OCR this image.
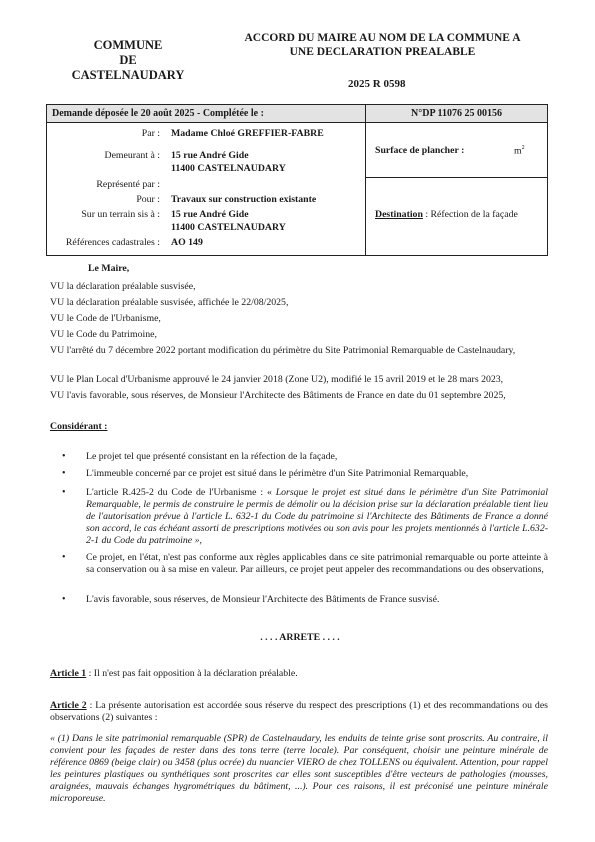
COMMUNE
DE
CASTELNAUDARY
ACCORD DU MAIRE AU NOM DE LA COMMUNE A
UNE DECLARATION PREALABLE
2025 R 0598
Demande déposée le 20 août 2025 - Complétée le :	N°DP 11076 25 00156
Par : Madame Chloé GREFFIER-FABRE
Demeurant à : 15 rue André Gide
11400 CASTELNAUDARY
Représenté par :
Pour : Travaux sur construction existante
Sur un terrain sis à : 15 rue André Gide
11400 CASTELNAUDARY
Références cadastrales : AO 149
Surface de plancher :	$m^2$
Destination : Réfection de la façade
Le Maire,
VU la déclaration préalable susvisée,
VU la déclaration préalable susvisée, affichée le 22/08/2025,
VU le Code de l'Urbanisme,
VU le Code du Patrimoine,
VU l'arrêté du 7 décembre 2022 portant modification du périmètre du Site Patrimonial Remarquable de Castelnaudary,
VU le Plan Local d'Urbanisme approuvé le 24 janvier 2018 (Zone U2), modifié le 15 avril 2019 et le 28 mars 2023,
VU l'avis favorable, sous réserves, de Monsieur l'Architecte des Bâtiments de France en date du 01 septembre 2025,
Considérant :
•	Le projet tel que présenté consistant en la réfection de la façade,
•	L'immeuble concerné par ce projet est situé dans le périmètre d'un Site Patrimonial Remarquable,
•	L'article R.425-2 du Code de l'Urbanisme : « Lorsque le projet est situé dans le périmètre d'un Site Patrimonial Remarquable, le permis de construire le permis de démolir ou la décision prise sur la déclaration préalable tient lieu de l'autorisation prévue à l'article L. 632-1 du Code du patrimoine si l'Architecte des Bâtiments de France a donné son accord, le cas échéant assorti de prescriptions motivées ou son avis pour les projets mentionnés à l'article L.632-2-1 du Code du patrimoine »,
•	Ce projet, en l'état, n'est pas conforme aux règles applicables dans ce site patrimonial remarquable ou porte atteinte à sa conservation ou à sa mise en valeur. Par ailleurs, ce projet peut appeler des recommandations ou des observations,
•	L'avis favorable, sous réserves, de Monsieur l'Architecte des Bâtiments de France susvisé.
. . . . ARRETE . . . .
Article 1 : Il n'est pas fait opposition à la déclaration préalable.
Article 2 : La présente autorisation est accordée sous réserve du respect des prescriptions (1) et des recommandations ou des observations (2) suivantes :
« (1) Dans le site patrimonial remarquable (SPR) de Castelnaudary, les enduits de teinte grise sont proscrits. Au contraire, il convient pour les façades de rester dans des tons terre (terre locale). Par conséquent, choisir une peinture minérale de référence 0869 (beige clair) ou 3458 (plus ocrée) du nuancier VIERO de chez TOLLENS ou équivalent. Attention, pour rappel les peintures plastiques ou synthétiques sont proscrites car elles sont susceptibles d'être vecteurs de pathologies (mousses, araignées, mauvais échanges hygrométriques du bâtiment, ...). Pour ces raisons, il est préconisé une peinture minérale microporeuse.
